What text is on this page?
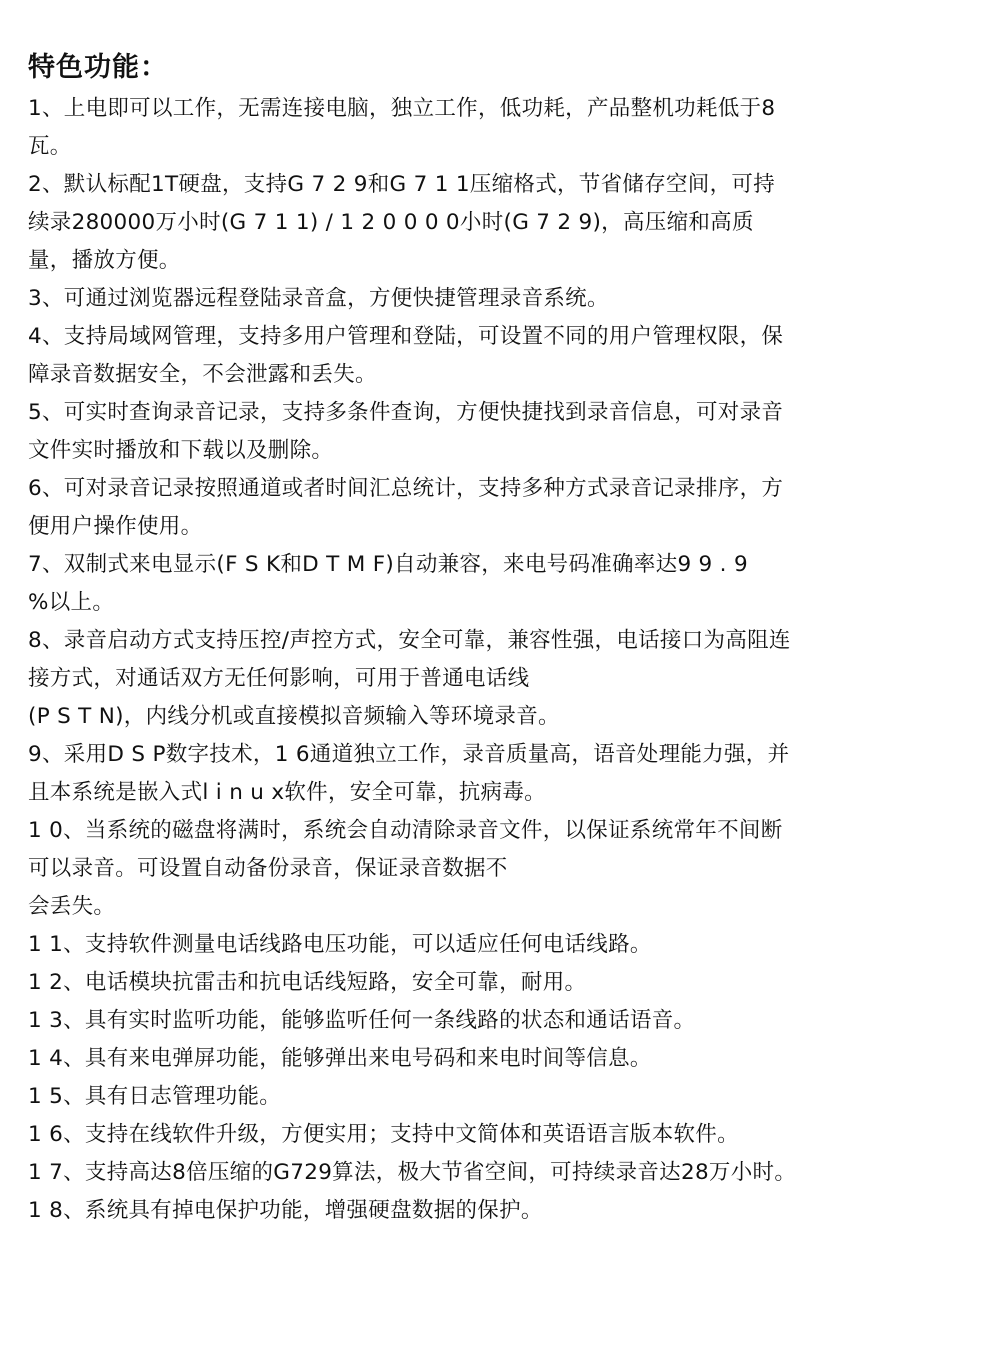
特色功能：
1、上电即可以工作，无需连接电脑，独立工作，低功耗，产品整机功耗低于8
瓦。
2、默认标配1T硬盘，支持G 7 2 9和G 7 1 1压缩格式，节省储存空间，可持
续录280000万小时(G 7 1 1) / 1 2 0 0 0 0小时(G 7 2 9)，高压缩和高质
量，播放方便。
3、可通过浏览器远程登陆录音盒，方便快捷管理录音系统。
4、支持局域网管理，支持多用户管理和登陆，可设置不同的用户管理权限，保
障录音数据安全，不会泄露和丢失。
5、可实时查询录音记录，支持多条件查询，方便快捷找到录音信息，可对录音
文件实时播放和下载以及删除。
6、可对录音记录按照通道或者时间汇总统计，支持多种方式录音记录排序，方
便用户操作使用。
7、双制式来电显示(F S K和D T M F)自动兼容，来电号码准确率达9 9 . 9
%以上。
8、录音启动方式支持压控/声控方式，安全可靠，兼容性强，电话接口为高阻连
接方式，对通话双方无任何影响，可用于普通电话线
(P S T N)，内线分机或直接模拟音频输入等环境录音。
9、采用D S P数字技术，1 6通道独立工作，录音质量高，语音处理能力强，并
且本系统是嵌入式l i n u x软件，安全可靠，抗病毒。
1 0、当系统的磁盘将满时，系统会自动清除录音文件，以保证系统常年不间断
可以录音。可设置自动备份录音，保证录音数据不
会丢失。
1 1、支持软件测量电话线路电压功能，可以适应任何电话线路。
1 2、电话模块抗雷击和抗电话线短路，安全可靠，耐用。
1 3、具有实时监听功能，能够监听任何一条线路的状态和通话语音。
1 4、具有来电弹屏功能，能够弹出来电号码和来电时间等信息。
1 5、具有日志管理功能。
1 6、支持在线软件升级，方便实用；支持中文简体和英语语言版本软件。
1 7、支持高达8倍压缩的G729算法，极大节省空间，可持续录音达28万小时。
1 8、系统具有掉电保护功能，增强硬盘数据的保护。
